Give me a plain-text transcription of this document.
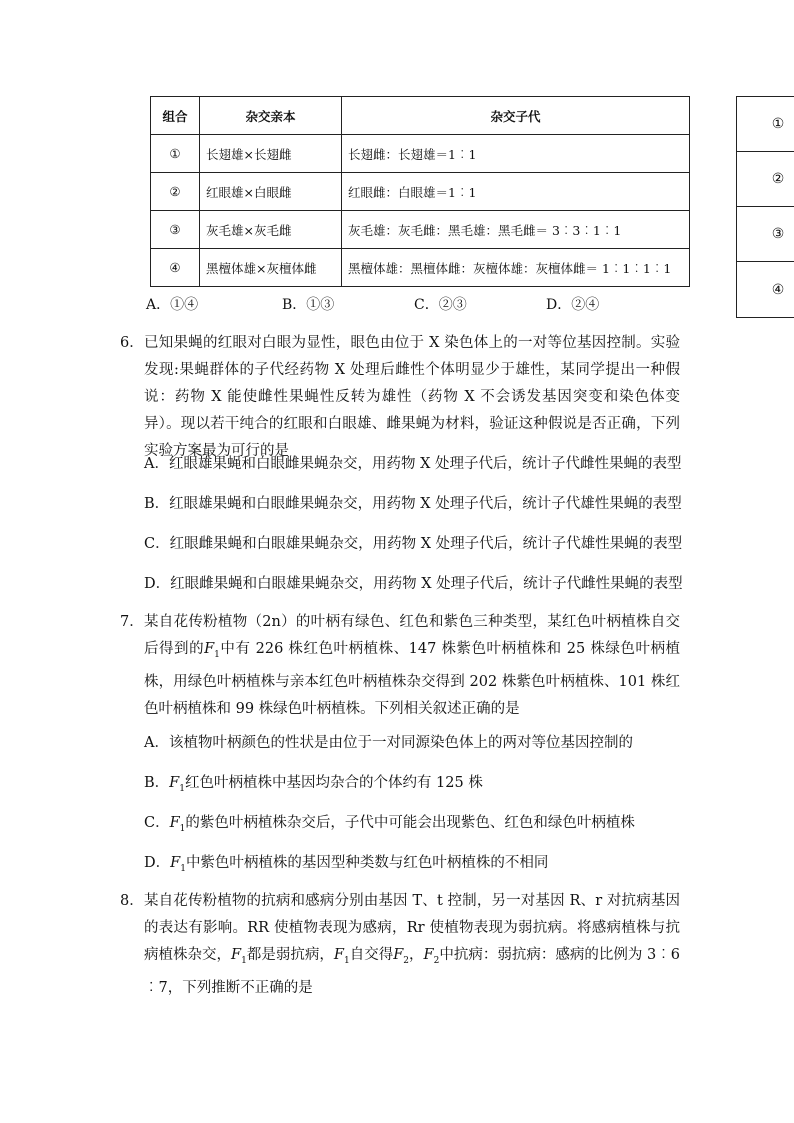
组合	杂交亲本	杂交子代
①	长翅雄×长翅雌	长翅雌：长翅雄＝1︰1
②	红眼雄×白眼雌	红眼雌：白眼雄＝1︰1
③	灰毛雄×灰毛雌	灰毛雄：灰毛雌：黑毛雄：黑毛雌＝ 3︰3︰1︰1
④	黑檀体雄×灰檀体雌	黑檀体雄：黑檀体雌：灰檀体雄：灰檀体雌＝ 1︰1︰1︰1
①
②
③
④
A．①④	B．①③	C．②③	D．②④
6． 已知果蝇的红眼对白眼为显性，眼色由位于 X 染色体上的一对等位基因控制。实验发现:果蝇群体的子代经药物 X 处理后雌性个体明显少于雄性，某同学提出一种假说：药物 X 能使雌性果蝇性反转为雄性（药物 X 不会诱发基因突变和染色体变异）。现以若干纯合的红眼和白眼雄、雌果蝇为材料，验证这种假说是否正确，下列实验方案最为可行的是
A．红眼雄果蝇和白眼雌果蝇杂交，用药物 X 处理子代后，统计子代雌性果蝇的表型
B．红眼雄果蝇和白眼雌果蝇杂交，用药物 X 处理子代后，统计子代雄性果蝇的表型
C．红眼雌果蝇和白眼雄果蝇杂交，用药物 X 处理子代后，统计子代雄性果蝇的表型
D．红眼雌果蝇和白眼雄果蝇杂交，用药物 X 处理子代后，统计子代雌性果蝇的表型
7． 某自花传粉植物（2n）的叶柄有绿色、红色和紫色三种类型，某红色叶柄植株自交后得到的$F_1$中有 226 株红色叶柄植株、147 株紫色叶柄植株和 25 株绿色叶柄植株，用绿色叶柄植株与亲本红色叶柄植株杂交得到 202 株紫色叶柄植株、101 株红色叶柄植株和 99 株绿色叶柄植株。下列相关叙述正确的是
A．该植物叶柄颜色的性状是由位于一对同源染色体上的两对等位基因控制的
B．$F_1$红色叶柄植株中基因均杂合的个体约有 125 株
C．$F_1$的紫色叶柄植株杂交后，子代中可能会出现紫色、红色和绿色叶柄植株
D．$F_1$中紫色叶柄植株的基因型种类数与红色叶柄植株的不相同
8． 某自花传粉植物的抗病和感病分别由基因 T、t 控制，另一对基因 R、r 对抗病基因的表达有影响。RR 使植物表现为感病，Rr 使植物表现为弱抗病。将感病植株与抗病植株杂交，$F_1$都是弱抗病，$F_1$自交得$F_2$，$F_2$中抗病：弱抗病：感病的比例为 3︰6︰7，下列推断不正确的是
